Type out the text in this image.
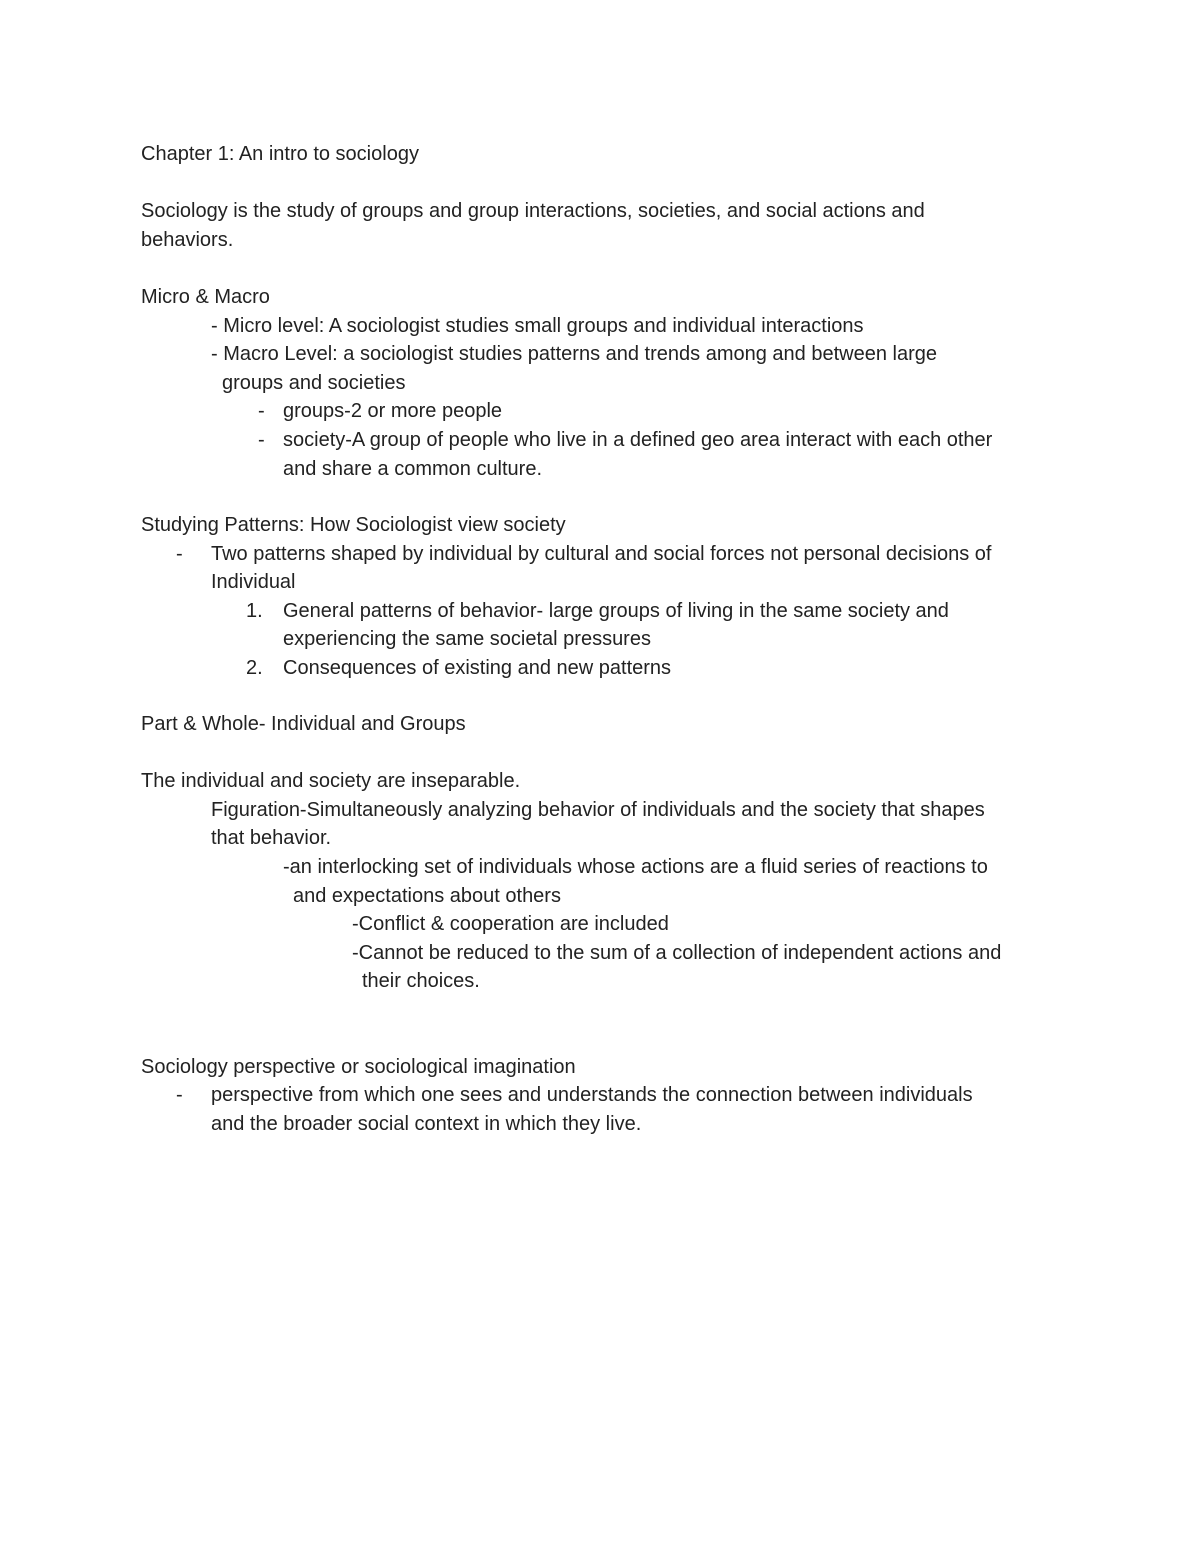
Chapter 1: An intro to sociology
Sociology is the study of groups and group interactions, societies, and social actions and
behaviors.
Micro & Macro
- Micro level: A sociologist studies small groups and individual interactions
- Macro Level: a sociologist studies patterns and trends among and between large
groups and societies
- groups-2 or more people
- society-A group of people who live in a defined geo area interact with each other
and share a common culture.
Studying Patterns: How Sociologist view society
- Two patterns shaped by individual by cultural and social forces not personal decisions of
Individual
1. General patterns of behavior- large groups of living in the same society and
experiencing the same societal pressures
2. Consequences of existing and new patterns
Part & Whole- Individual and Groups
The individual and society are inseparable.
Figuration-Simultaneously analyzing behavior of individuals and the society that shapes
that behavior.
-an interlocking set of individuals whose actions are a fluid series of reactions to
and expectations about others
-Conflict & cooperation are included
-Cannot be reduced to the sum of a collection of independent actions and
their choices.
Sociology perspective or sociological imagination
- perspective from which one sees and understands the connection between individuals
and the broader social context in which they live.
